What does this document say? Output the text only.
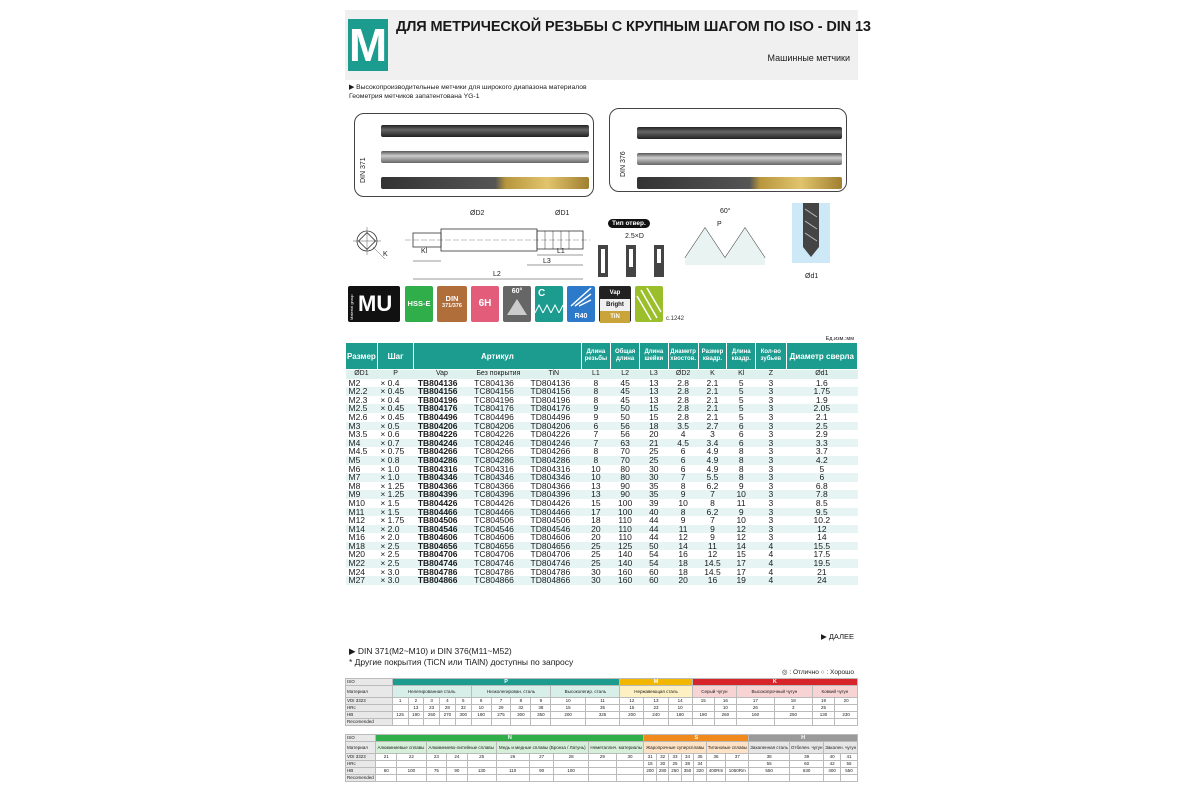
M ДЛЯ МЕТРИЧЕСКОЙ РЕЗЬБЫ С КРУПНЫМ ШАГОМ ПО ISO - DIN 13
Машинные метчики
▶ Высокопроизводительные метчики для широкого диапазона материалов
Геометрия метчиков запатентована YG-1
DIN 371	DIN 376
ØD2	ØD1
Kl	L1
L3
L2
K
Тип отвер.
2.5×D
60°
P
Ød1
Material group MU	HSS-E
DIN
371/376	6H
60°	C
R40
Vap
Bright
TiN	c.1242
Ед.изм.:мм
Размер	Шаг	Артикул			Длина резьбы	Общая длина	Длина шейки	Диаметр хвостов.	Размер квадр.	Длина квадр.	Кол-во зубьев	Диаметр сверла
ØD1	P	Vap	Без покрытия	TiN	L1	L2	L3	ØD2	K	Kl	Z	Ød1
M2	× 0.4	TB804136	TC804136	TD804136	8	45	13	2.8	2.1	5	3	1.6
M2.2	× 0.45	TB804156	TC804156	TD804156	8	45	13	2.8	2.1	5	3	1.75
M2.3	× 0.4	TB804196	TC804196	TD804196	8	45	13	2.8	2.1	5	3	1.9
M2.5	× 0.45	TB804176	TC804176	TD804176	9	50	15	2.8	2.1	5	3	2.05
M2.6	× 0.45	TB804496	TC804496	TD804496	9	50	15	2.8	2.1	5	3	2.1
M3	× 0.5	TB804206	TC804206	TD804206	6	56	18	3.5	2.7	6	3	2.5
M3.5	× 0.6	TB804226	TC804226	TD804226	7	56	20	4	3	6	3	2.9
M4	× 0.7	TB804246	TC804246	TD804246	7	63	21	4.5	3.4	6	3	3.3
M4.5	× 0.75	TB804266	TC804266	TD804266	8	70	25	6	4.9	8	3	3.7
M5	× 0.8	TB804286	TC804286	TD804286	8	70	25	6	4.9	8	3	4.2
M6	× 1.0	TB804316	TC804316	TD804316	10	80	30	6	4.9	8	3	5
M7	× 1.0	TB804346	TC804346	TD804346	10	80	30	7	5.5	8	3	6
M8	× 1.25	TB804366	TC804366	TD804366	13	90	35	8	6.2	9	3	6.8
M9	× 1.25	TB804396	TC804396	TD804396	13	90	35	9	7	10	3	7.8
M10	× 1.5	TB804426	TC804426	TD804426	15	100	39	10	8	11	3	8.5
M11	× 1.5	TB804466	TC804466	TD804466	17	100	40	8	6.2	9	3	9.5
M12	× 1.75	TB804506	TC804506	TD804506	18	110	44	9	7	10	3	10.2
M14	× 2.0	TB804546	TC804546	TD804546	20	110	44	11	9	12	3	12
M16	× 2.0	TB804606	TC804606	TD804606	20	110	44	12	9	12	3	14
M18	× 2.5	TB804656	TC804656	TD804656	25	125	50	14	11	14	4	15.5
M20	× 2.5	TB804706	TC804706	TD804706	25	140	54	16	12	15	4	17.5
M22	× 2.5	TB804746	TC804746	TD804746	25	140	54	18	14.5	17	4	19.5
M24	× 3.0	TB804786	TC804786	TD804786	30	160	60	18	14.5	17	4	21
M27	× 3.0	TB804866	TC804866	TD804866	30	160	60	20	16	19	4	24
▶ ДАЛЕЕ
▶ DIN 371(M2~M10) и DIN 376(M11~M52)
* Другие покрытия (TiCN или TiAlN) доступны по запросу
◎ : Отлично ○ : Хорошо
ISO	P											M			K					
Материал	Нелегированная сталь					Низколегирован. сталь				Высоколегир. сталь		Нержавеющая сталь			Серый чугун		Высокопрочный чугун		Ковкий чугун	
VDI 3323	1	2	3	4	5	6	7	8	9	10	11	12	13	14	15	16	17	18	19	20
HRc		13	23	28	32	10	29	32	38	15	35	15	23	10		10	26	3	25	
HB	125	190	250	270	300	180	275	300	350	200	325	200	240	180	180	260	160	250	130	230
Recomended																				
ISO	N										S							H			
Материал	Алюминиевые сплавы		Алюминиево-литейные сплавы			Медь и медные сплавы (Бронза / Латунь)			Неметаллич. материалы		Жаропрочные суперсплавы					Титановые сплавы		Закаленная сталь	Отбелен. чугун	Закален. чугун	
VDI 3323	21	22	23	24	25	26	27	28	29	30	31	32	33	34	35	36	37	38	39	40	41
HRc											15	30	25	38	34			55	60	42	55
HB	60	100	75	90	130	110	90	100			200	280	250	350	320	400Rm	1050Rm	550	630	400	550
Recomended																					
